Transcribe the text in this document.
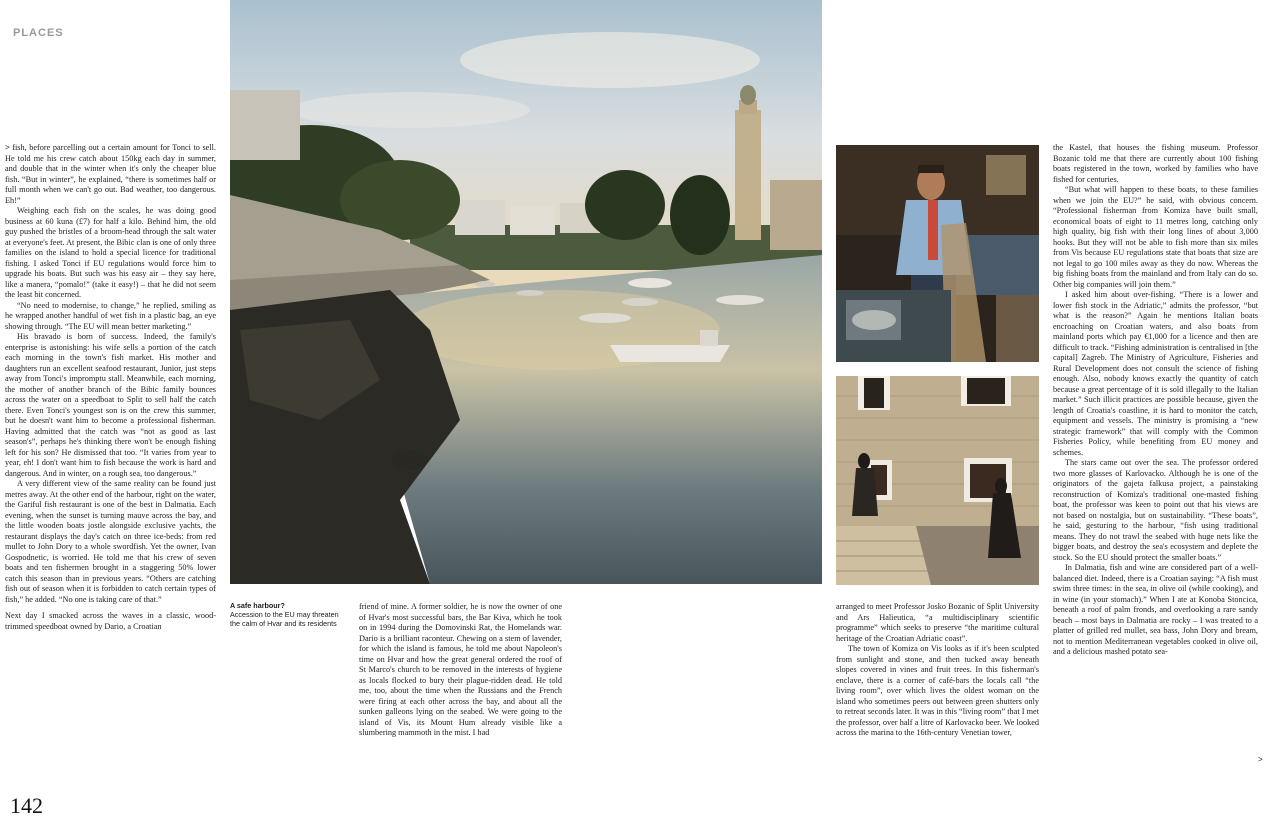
PLACES

> fish, before parcelling out a certain amount for Tonci to sell. He told me his crew catch about 150kg each day in summer, and double that in the winter when it's only the cheaper blue fish. “But in winter”, he explained, “there is sometimes half or full month when we can't go out. Bad weather, too dangerous. Eh!”

Weighing each fish on the scales, he was doing good business at 60 kuna (£7) for half a kilo. Behind him, the old guy pushed the bristles of a broom-head through the salt water at everyone's feet. At present, the Bibic clan is one of only three families on the island to hold a special licence for traditional fishing. I asked Tonci if EU regulations would force him to upgrade his boats. But such was his easy air – they say here, like a manera, “pomalo!” (take it easy!) – that he did not seem the least bit concerned.

“No need to modernise, to change,” he replied, smiling as he wrapped another handful of wet fish in a plastic bag, an eye showing through. “The EU will mean better marketing.”

His bravado is born of success. Indeed, the family's enterprise is astonishing: his wife sells a portion of the catch each morning in the town's fish market. His mother and daughters run an excellent seafood restaurant, Junior, just steps away from Tonci's impromptu stall. Meanwhile, each morning, the mother of another branch of the Bibic family bounces across the water on a speedboat to Split to sell half the catch there. Even Tonci's youngest son is on the crew this summer, but he doesn't want him to become a professional fisherman. Having admitted that the catch was “not as good as last season's”, perhaps he's thinking there won't be enough fishing left for his son? He dismissed that too. “It varies from year to year, eh! I don't want him to fish because the work is hard and dangerous. And in winter, on a rough sea, too dangerous.”

A very different view of the same reality can be found just metres away. At the other end of the harbour, right on the water, the Gariful fish restaurant is one of the best in Dalmatia. Each evening, when the sunset is turning mauve across the bay, and the little wooden boats jostle alongside exclusive yachts, the restaurant displays the day's catch on three ice-beds: from red mullet to John Dory to a whole swordfish. Yet the owner, Ivan Gospodnetic, is worried. He told me that his crew of seven boats and ten fishermen brought in a staggering 50% lower catch this season than in previous years. “Others are catching fish out of season when it is forbidden to catch certain types of fish,” he added. “No one is taking care of that.”

Next day I smacked across the waves in a classic, wood-trimmed speedboat owned by Dario, a Croatian

A safe harbour?
Accession to the EU may threaten the calm of Hvar and its residents

friend of mine. A former soldier, he is now the owner of one of Hvar's most successful bars, the Bar Kiva, which he took on in 1994 during the Domovinski Rat, the Homelands war. Dario is a brilliant raconteur. Chewing on a stem of lavender, for which the island is famous, he told me about Napoleon's time on Hvar and how the great general ordered the roof of St Marco's church to be removed in the interests of hygiene as locals flocked to bury their plague-ridden dead. He told me, too, about the time when the Russians and the French were firing at each other across the bay, and about all the sunken galleons lying on the seabed. We were going to the island of Vis, its Mount Hum already visible like a slumbering mammoth in the mist. I had

arranged to meet Professor Josko Bozanic of Split University and Ars Halieutica, “a multidisciplinary scientific programme” which seeks to preserve “the maritime cultural heritage of the Croatian Adriatic coast”.

The town of Komiza on Vis looks as if it's been sculpted from sunlight and stone, and then tucked away beneath slopes covered in vines and fruit trees. In this fisherman's enclave, there is a corner of café-bars the locals call “the living room”, over which lives the oldest woman on the island who sometimes peers out between green shutters only to retreat seconds later. It was in this “living room” that I met the professor, over half a litre of Karlovacko beer. We looked across the marina to the 16th-century Venetian tower,

the Kastel, that houses the fishing museum. Professor Bozanic told me that there are currently about 100 fishing boats registered in the town, worked by families who have fished for centuries.

“But what will happen to these boats, to these families when we join the EU?” he said, with obvious concern. “Professional fisherman from Komiza have built small, economical boats of eight to 11 metres long, catching only high quality, big fish with their long lines of about 3,000 hooks. But they will not be able to fish more than six miles from Vis because EU regulations state that boats that size are not legal to go 100 miles away as they do now. Whereas the big fishing boats from the mainland and from Italy can do so. Other big companies will join them.”

I asked him about over-fishing. “There is a lower and lower fish stock in the Adriatic,” admits the professor, “but what is the reason?” Again he mentions Italian boats encroaching on Croatian waters, and also boats from mainland ports which pay €1,000 for a licence and then are difficult to track. “Fishing administration is centralised in [the capital] Zagreb. The Ministry of Agriculture, Fisheries and Rural Development does not consult the science of fishing enough. Also, nobody knows exactly the quantity of catch because a great percentage of it is sold illegally to the Italian market.” Such illicit practices are possible because, given the length of Croatia's coastline, it is hard to monitor the catch, equipment and vessels. The ministry is promising a “new strategic framework” that will comply with the Common Fisheries Policy, while benefiting from EU money and schemes.

The stars came out over the sea. The professor ordered two more glasses of Karlovacko. Although he is one of the originators of the gajeta falkusa project, a painstaking reconstruction of Komiza's traditional one-masted fishing boat, the professor was keen to point out that his views are not based on nostalgia, but on sustainability. “These boats”, he said, gesturing to the harbour, “fish using traditional means. They do not trawl the seabed with huge nets like the bigger boats, and destroy the sea's ecosystem and deplete the stock. So the EU should protect the smaller boats.”

In Dalmatia, fish and wine are considered part of a well-balanced diet. Indeed, there is a Croatian saying: “A fish must swim three times: in the sea, in olive oil (while cooking), and in wine (in your stomach).” When I ate at Konoba Stoncica, beneath a roof of palm fronds, and overlooking a rare sandy beach – most bays in Dalmatia are rocky – I was treated to a platter of grilled red mullet, sea bass, John Dory and bream, not to mention Mediterranean vegetables cooked in olive oil, and a delicious mashed potato sea-

>
142
